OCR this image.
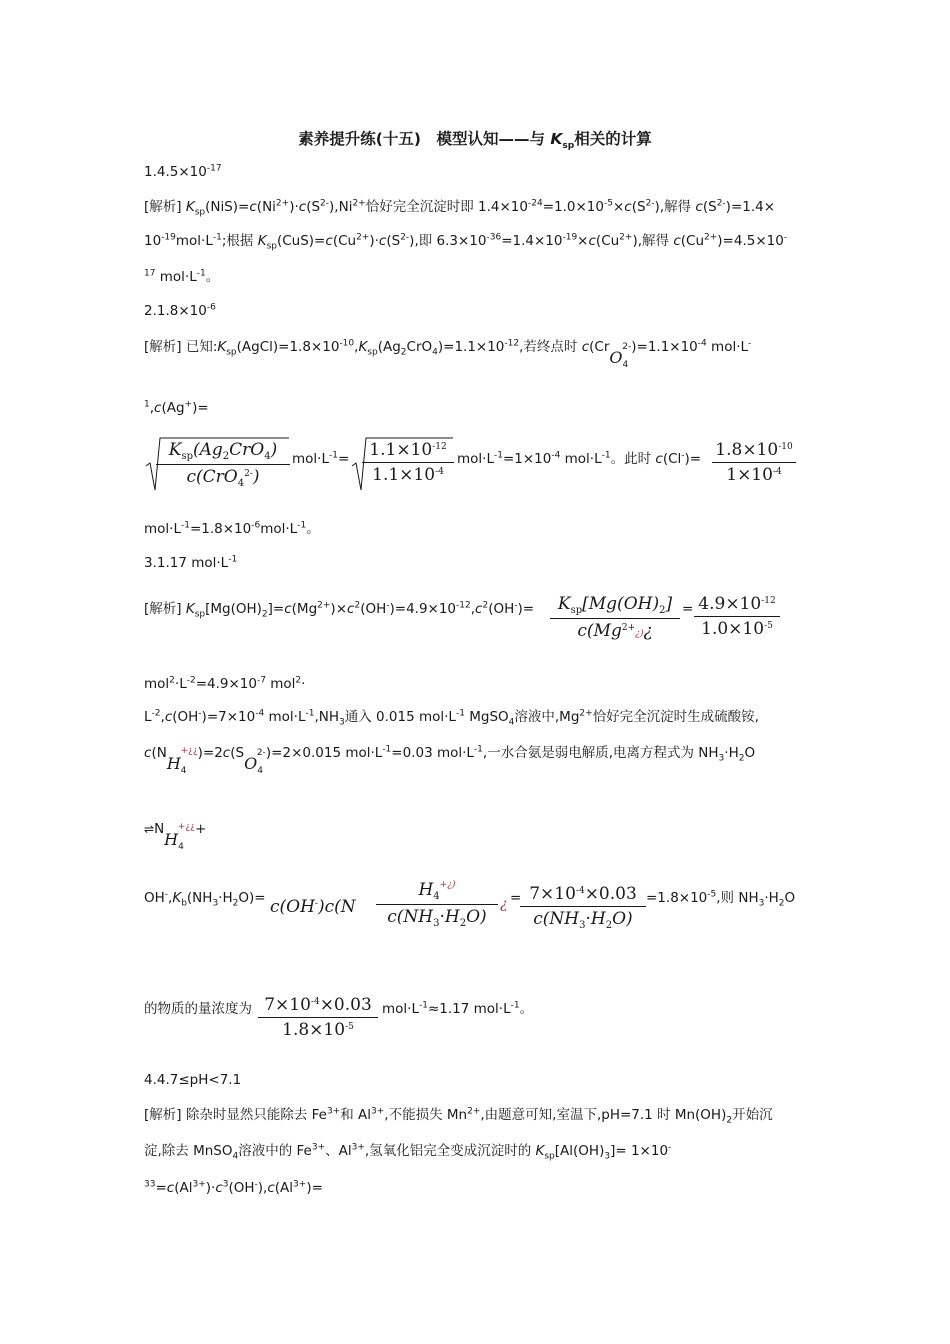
素养提升练(十五)　模型认知——与 $K_{sp}$相关的计算
$1.4.5\times 10^{-17}$
[解析] $K_{sp}(NiS)=c(Ni^{2+})\cdot c(S^{2-}),Ni^{2+}$恰好完全沉淀时即 $1.4\times 10^{-24}=1.0\times 10^{-5}\times c(S^{2-})$,解得 $c(S^{2-})=1.4\times$
$10^{-19}mol\cdot L^{-1}$;根据 $K_{sp}(CuS)=c(Cu^{2+})\cdot c(S^{2-})$,即 $6.3\times 10^{-36}=1.4\times 10^{-19}\times c(Cu^{2+})$,解得 $c(Cu^{2+})=4.5\times 10^-$
$^{17}$ $mol\cdot L^{-1}$。
$2.1.8\times 10^{-6}$
[解析] 已知$:K_{sp}(AgCl)=1.8\times 10^{-10},K_{sp}(Ag_2CrO_4)=1.1\times 10^{-12}$,若终点时 $c(CrO_42-)=1.1\times 10^{-4}$ mol·L-
$^1$,c(Ag+)=
$K_{sp}(Ag_2CrO_4)$
c(CrO$_4^{2-}$)
$mol\cdot L^{-1}=$	$1.1\times 10^{-12}$
$1.1\times 10^{-4}$
$mol\cdot L^{-1}=1\times 10^{-4}$ $mol\cdot L^{-1}$。此时 $c(Cl^-)= 1.8\times 10^{-10}$
$1\times 10^{-4}$
$mol\cdot L^{-1}=1.8\times 10^{-6}mol\cdot L^{-1}$。
3.1.17 $mol\cdot L^{-1}$
[解析] $K_{sp}[Mg(OH)_2]=c(Mg^{2+})\times c^2(OH^-)=4.9\times 10^{-12},c^2(OH^-)=$	$K_{sp}[Mg(OH)_2]$
$c(Mg^{2+}¿)¿$
= $4.9\times 10^{-12}$
$1.0\times 10^{-5}$
$mol^2\cdot L^{-2}=4.9\times 10^{-7}$ mol$^2$·
$L^{-2},c(OH^-)=7\times 10^{-4}$ $mol\cdot L^{-1},NH_3$通入 0.015 $mol\cdot L^{-1}$ MgSO$_4$溶液中$,Mg^{2+}$恰好完全沉淀时生成硫酸铵,
$c(NH_4^{+¿¿})=2c(SO_42-)=2\times 0.015$ $mol\cdot L^{-1}=0.03$ $mol\cdot L^{-1}$,一水合氨是弱电解质,电离方程式为 $NH_3\cdot H_2O$
$\rightleftharpoons NH_4^{+¿¿}+$
$OH^-,K_b(NH_3\cdot H_2O)= c(OH^-)c(N$
$H_4^{+¿)}$
$c(NH_3\cdot H_2O)$
¿ = $7\times 10^{-4}\times 0.03$
$c(NH_3\cdot H_2O)$
$=1.8\times 10^{-5}$,则 $NH_3\cdot H_2O$
的物质的量浓度为 $7\times 10^{-4}\times 0.03$
$1.8\times 10^{-5}$
$mol\cdot L^{-1}\approx 1.17$ $mol\cdot L^{-1}$。
4.4.7≤pH<7.1
[解析] 除杂时显然只能除去 $Fe^{3+}$和 $Al^{3+}$,不能损失 $Mn^{2+}$,由题意可知,室温下,pH=7.1 时 $Mn(OH)_2$开始沉
淀,除去 MnSO$_4$溶液中的 $Fe^{3+}$、$Al^{3+}$,氢氧化铝完全变成沉淀时的 $K_{sp}[Al(OH)_3]= 1\times 10^-$
$^{33}=c(Al^{3+})\cdot c^3(OH^-),c(Al^{3+})=$
